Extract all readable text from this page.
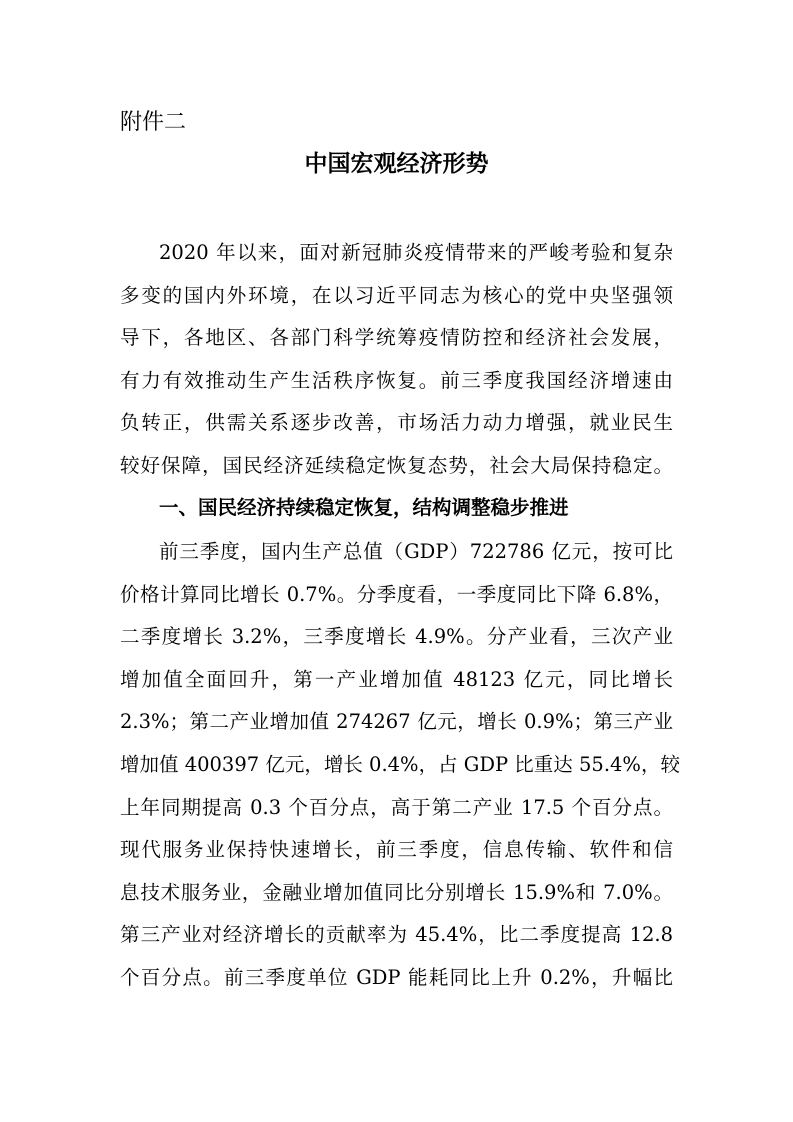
附件二

中国宏观经济形势
2020 年以来，面对新冠肺炎疫情带来的严峻考验和复杂
多变的国内外环境，在以习近平同志为核心的党中央坚强领
导下，各地区、各部门科学统筹疫情防控和经济社会发展，
有力有效推动生产生活秩序恢复。前三季度我国经济增速由
负转正，供需关系逐步改善，市场活力动力增强，就业民生
较好保障，国民经济延续稳定恢复态势，社会大局保持稳定。
一、国民经济持续稳定恢复，结构调整稳步推进
前三季度，国内生产总值（GDP）722786 亿元，按可比
价格计算同比增长 0.7%。分季度看，一季度同比下降 6.8%，
二季度增长 3.2%，三季度增长 4.9%。分产业看，三次产业
增加值全面回升，第一产业增加值 48123 亿元，同比增长
2.3%；第二产业增加值 274267 亿元，增长 0.9%；第三产业
增加值 400397 亿元，增长 0.4%，占 GDP 比重达 55.4%，较
上年同期提高 0.3 个百分点，高于第二产业 17.5 个百分点。
现代服务业保持快速增长，前三季度，信息传输、软件和信
息技术服务业，金融业增加值同比分别增长 15.9%和 7.0%。
第三产业对经济增长的贡献率为 45.4%，比二季度提高 12.8
个百分点。前三季度单位 GDP 能耗同比上升 0.2%，升幅比
